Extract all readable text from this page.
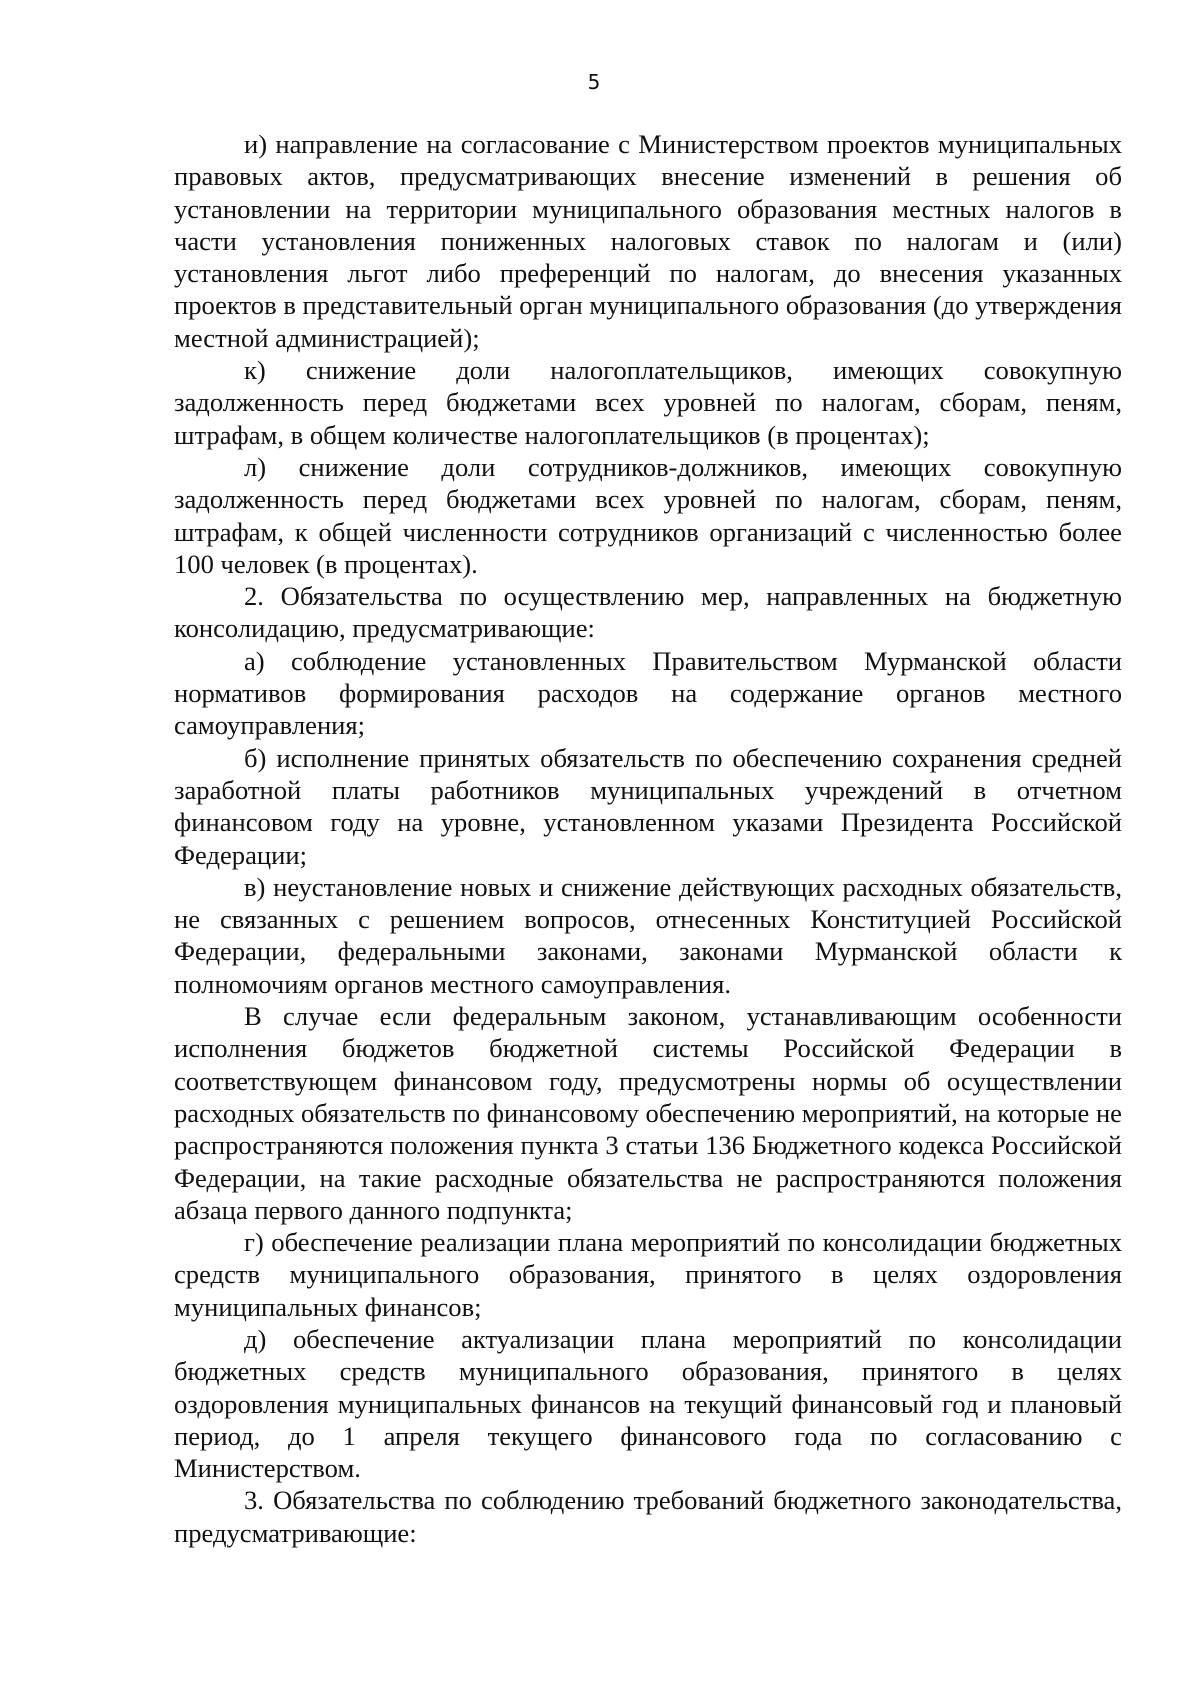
5

и) направление на согласование с Министерством проектов муниципальных правовых актов, предусматривающих внесение изменений в решения об установлении на территории муниципального образования местных налогов в части установления пониженных налоговых ставок по налогам и (или) установления льгот либо преференций по налогам, до внесения указанных проектов в представительный орган муниципального образования (до утверждения местной администрацией);

к) снижение доли налогоплательщиков, имеющих совокупную задолженность перед бюджетами всех уровней по налогам, сборам, пеням, штрафам, в общем количестве налогоплательщиков (в процентах);

л) снижение доли сотрудников-должников, имеющих совокупную задолженность перед бюджетами всех уровней по налогам, сборам, пеням, штрафам, к общей численности сотрудников организаций с численностью более 100 человек (в процентах).

2. Обязательства по осуществлению мер, направленных на бюджетную консолидацию, предусматривающие:

а) соблюдение установленных Правительством Мурманской области нормативов формирования расходов на содержание органов местного самоуправления;

б) исполнение принятых обязательств по обеспечению сохранения средней заработной платы работников муниципальных учреждений в отчетном финансовом году на уровне, установленном указами Президента Российской Федерации;

в) неустановление новых и снижение действующих расходных обязательств, не связанных с решением вопросов, отнесенных Конституцией Российской Федерации, федеральными законами, законами Мурманской области к полномочиям органов местного самоуправления.

В случае если федеральным законом, устанавливающим особенности исполнения бюджетов бюджетной системы Российской Федерации в соответствующем финансовом году, предусмотрены нормы об осуществлении расходных обязательств по финансовому обеспечению мероприятий, на которые не распространяются положения пункта 3 статьи 136 Бюджетного кодекса Российской Федерации, на такие расходные обязательства не распространяются положения абзаца первого данного подпункта;

г) обеспечение реализации плана мероприятий по консолидации бюджетных средств муниципального образования, принятого в целях оздоровления муниципальных финансов;

д) обеспечение актуализации плана мероприятий по консолидации бюджетных средств муниципального образования, принятого в целях оздоровления муниципальных финансов на текущий финансовый год и плановый период, до 1 апреля текущего финансового года по согласованию с Министерством.

3. Обязательства по соблюдению требований бюджетного законодательства, предусматривающие:
